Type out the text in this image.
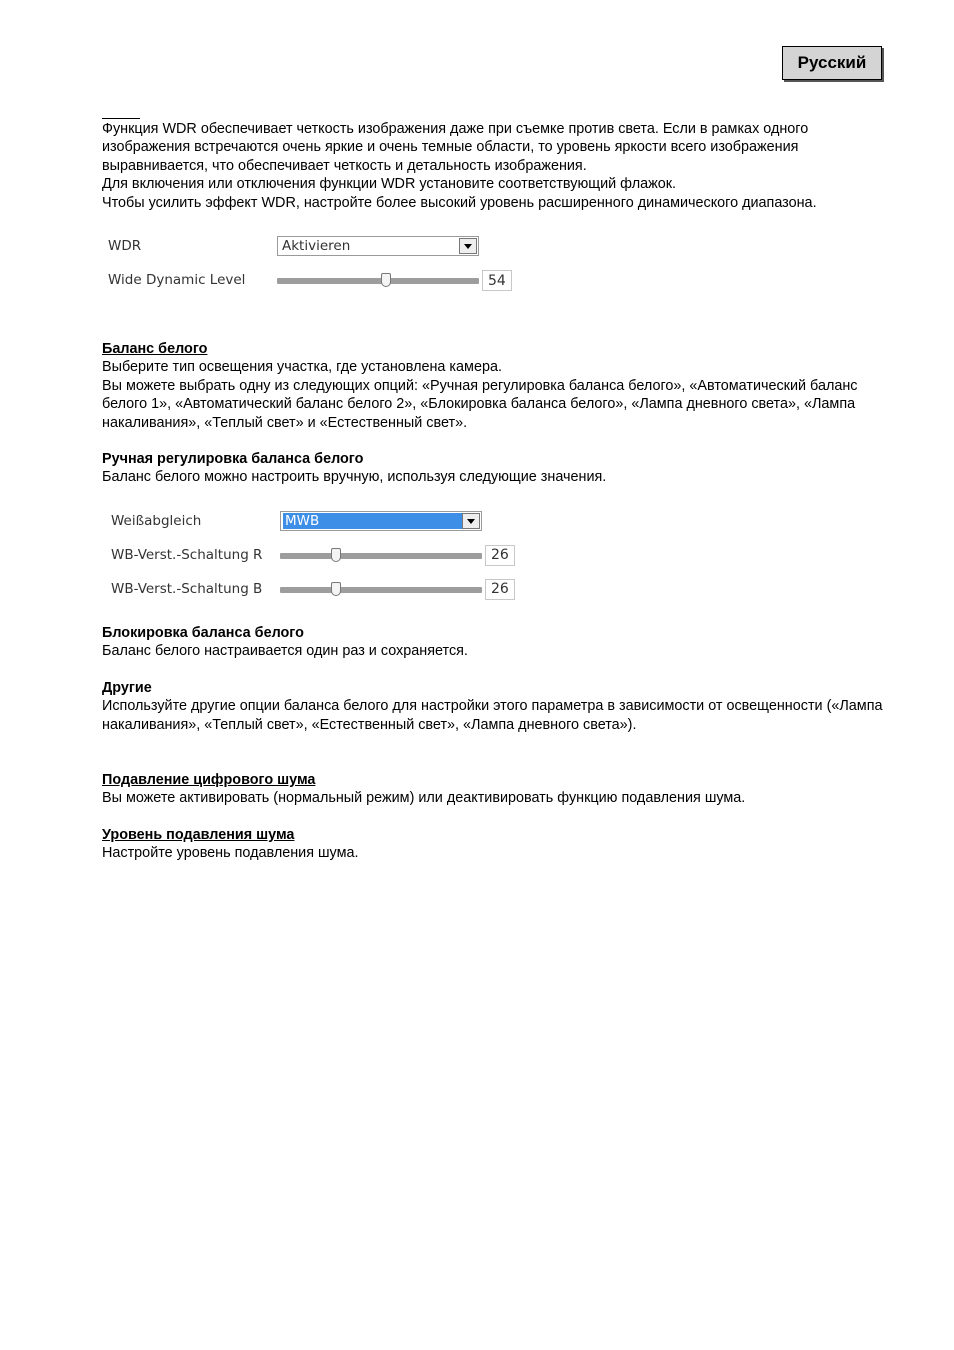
Русский

Функция WDR обеспечивает четкость изображения даже при съемке против света. Если в рамках одного изображения встречаются очень яркие и очень темные области, то уровень яркости всего изображения выравнивается, что обеспечивает четкость и детальность изображения.

Для включения или отключения функции WDR установите соответствующий флажок.

Чтобы усилить эффект WDR, настройте более высокий уровень расширенного динамического диапазона.

WDR	Aktivieren
Wide Dynamic Level	54
Баланс белого

Выберите тип освещения участка, где установлена камера.

Вы можете выбрать одну из следующих опций: «Ручная регулировка баланса белого», «Автоматический баланс белого 1», «Автоматический баланс белого 2», «Блокировка баланса белого», «Лампа дневного света», «Лампа накаливания», «Теплый свет» и «Естественный свет».

Ручная регулировка баланса белого

Баланс белого можно настроить вручную, используя следующие значения.

Weißabgleich	MWB
WB-Verst.-Schaltung R	26
WB-Verst.-Schaltung B	26
Блокировка баланса белого

Баланс белого настраивается один раз и сохраняется.

Другие

Используйте другие опции баланса белого для настройки этого параметра в зависимости от освещенности («Лампа накаливания», «Теплый свет», «Естественный свет», «Лампа дневного света»).

Подавление цифрового шума

Вы можете активировать (нормальный режим) или деактивировать функцию подавления шума.

Уровень подавления шума

Настройте уровень подавления шума.
